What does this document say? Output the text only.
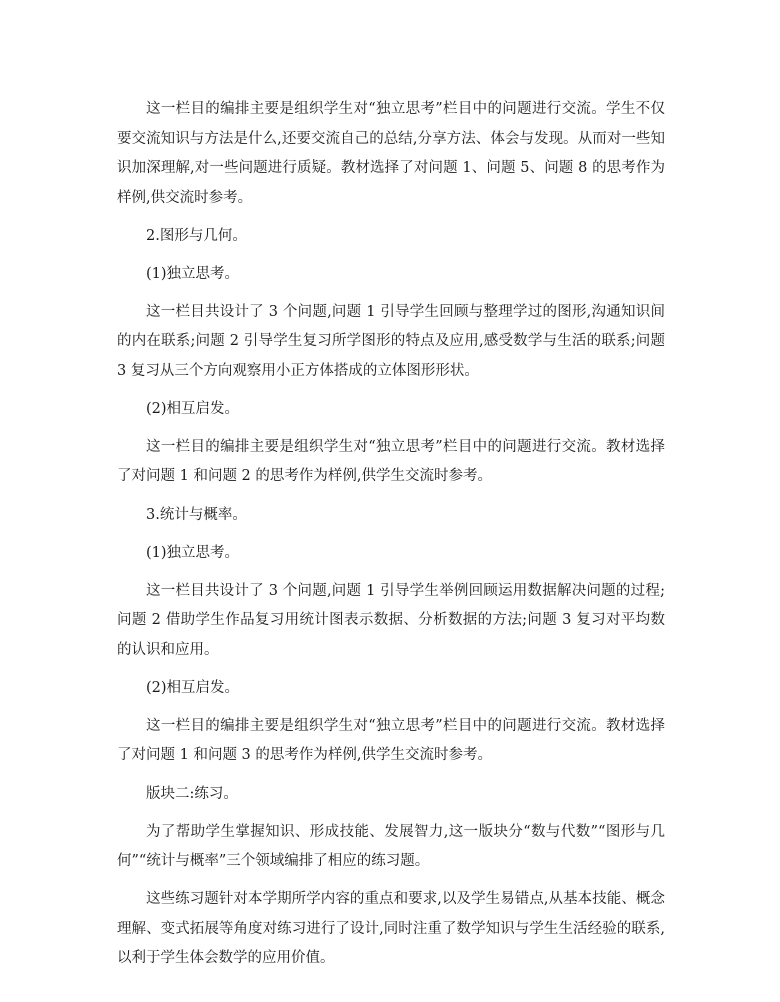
这一栏目的编排主要是组织学生对“独立思考”栏目中的问题进行交流。学生不仅要交流知识与方法是什么,还要交流自己的总结,分享方法、体会与发现。从而对一些知识加深理解,对一些问题进行质疑。教材选择了对问题 1、问题 5、问题 8 的思考作为样例,供交流时参考。

2.图形与几何。

(1)独立思考。

这一栏目共设计了 3 个问题,问题 1 引导学生回顾与整理学过的图形,沟通知识间的内在联系;问题 2 引导学生复习所学图形的特点及应用,感受数学与生活的联系;问题 3 复习从三个方向观察用小正方体搭成的立体图形形状。

(2)相互启发。

这一栏目的编排主要是组织学生对“独立思考”栏目中的问题进行交流。教材选择了对问题 1 和问题 2 的思考作为样例,供学生交流时参考。

3.统计与概率。

(1)独立思考。

这一栏目共设计了 3 个问题,问题 1 引导学生举例回顾运用数据解决问题的过程;问题 2 借助学生作品复习用统计图表示数据、分析数据的方法;问题 3 复习对平均数的认识和应用。

(2)相互启发。

这一栏目的编排主要是组织学生对“独立思考”栏目中的问题进行交流。教材选择了对问题 1 和问题 3 的思考作为样例,供学生交流时参考。

版块二:练习。

为了帮助学生掌握知识、形成技能、发展智力,这一版块分“数与代数”“图形与几何”“统计与概率”三个领域编排了相应的练习题。

这些练习题针对本学期所学内容的重点和要求,以及学生易错点,从基本技能、概念理解、变式拓展等角度对练习进行了设计,同时注重了数学知识与学生生活经验的联系,以利于学生体会数学的应用价值。
